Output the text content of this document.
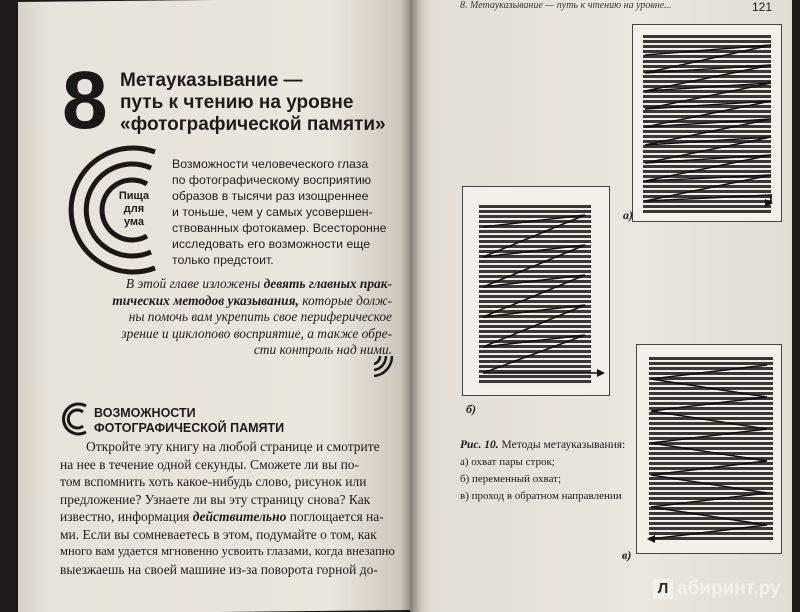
8 Метауказывание —
путь к чтению на уровне
«фотографической памяти»
Пища
для
ума
Возможности человеческого глаза
по фотографическому восприятию
образов в тысячи раз изощреннее
и тоньше, чем у самых усовершен-
ствованных фотокамер. Всесторонне
исследовать его возможности еще
только предстоит.
В этой главе изложены девять главных прак-
тических методов указывания, которые долж-
ны помочь вам укрепить свое периферическое
зрение и циклопово восприятие, а также обре-
сти контроль над ними.
ВОЗМОЖНОСТИ
ФОТОГРАФИЧЕСКОЙ ПАМЯТИ
Откройте эту книгу на любой странице и смотрите
на нее в течение одной секунды. Сможете ли вы по-
том вспомнить хоть какое-нибудь слово, рисунок или
предложение? Узнаете ли вы эту страницу снова? Как
известно, информация действительно поглощается на-
ми. Если вы сомневаетесь в этом, подумайте о том, как
много вам удается мгновенно усвоить глазами, когда внезапно
выезжаешь на своей машине из-за поворота горной до-
8. Метауказывание — путь к чтению на уровне...	121
а)
б)
в)
Рис. 10. Методы метауказывания:
а) охват пары строк;
б) переменный охват;
в) проход в обратном направлении
Л абиринт.ру
